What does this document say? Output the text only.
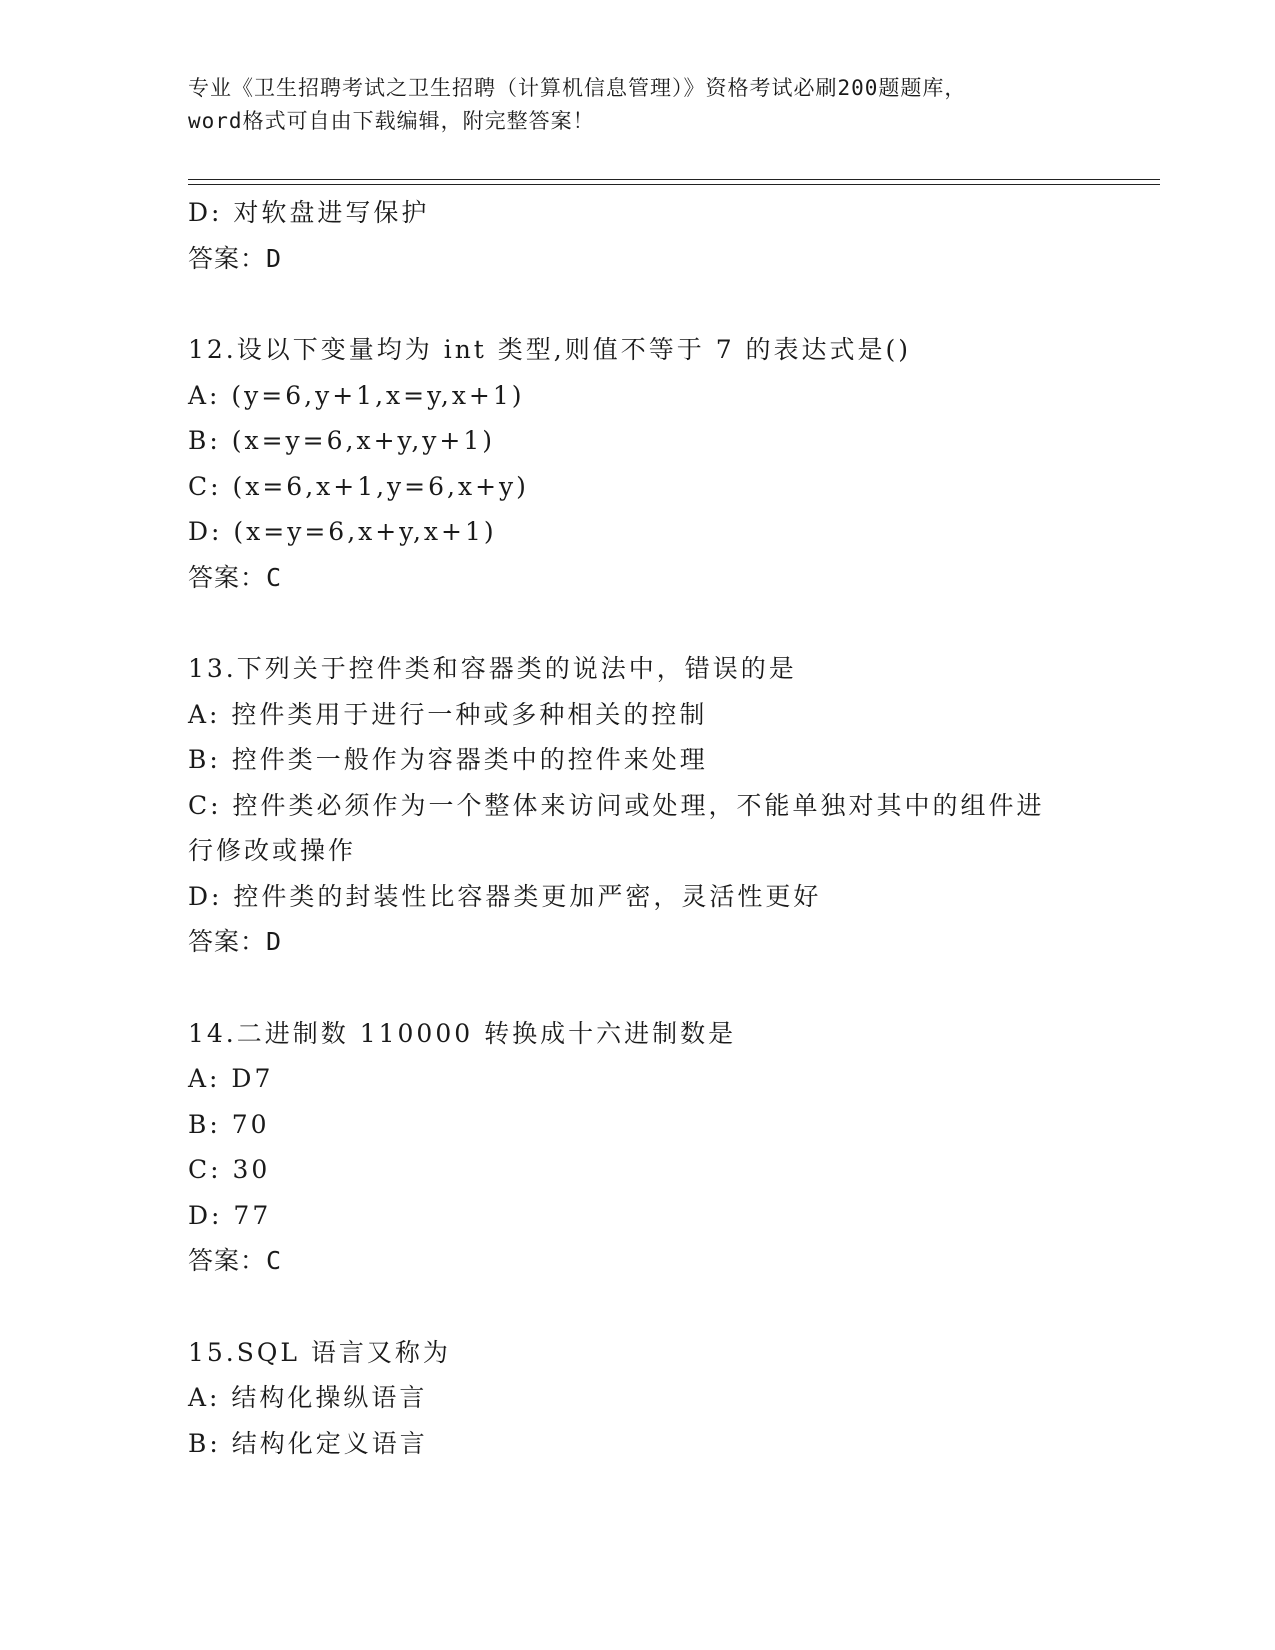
专业《卫生招聘考试之卫生招聘（计算机信息管理）》资格考试必刷200题题库，
word格式可自由下载编辑，附完整答案！
D: 对软盘进写保护
答案：D
12.设以下变量均为 int 类型,则值不等于 7 的表达式是()
A: (y=6,y+1,x=y,x+1)
B: (x=y=6,x+y,y+1)
C: (x=6,x+1,y=6,x+y)
D: (x=y=6,x+y,x+1)
答案：C
13.下列关于控件类和容器类的说法中，错误的是
A: 控件类用于进行一种或多种相关的控制
B: 控件类一般作为容器类中的控件来处理
C: 控件类必须作为一个整体来访问或处理，不能单独对其中的组件进行修改或操作
D: 控件类的封装性比容器类更加严密，灵活性更好
答案：D
14.二进制数 110000 转换成十六进制数是
A: D7
B: 70
C: 30
D: 77
答案：C
15.SQL 语言又称为
A: 结构化操纵语言
B: 结构化定义语言
